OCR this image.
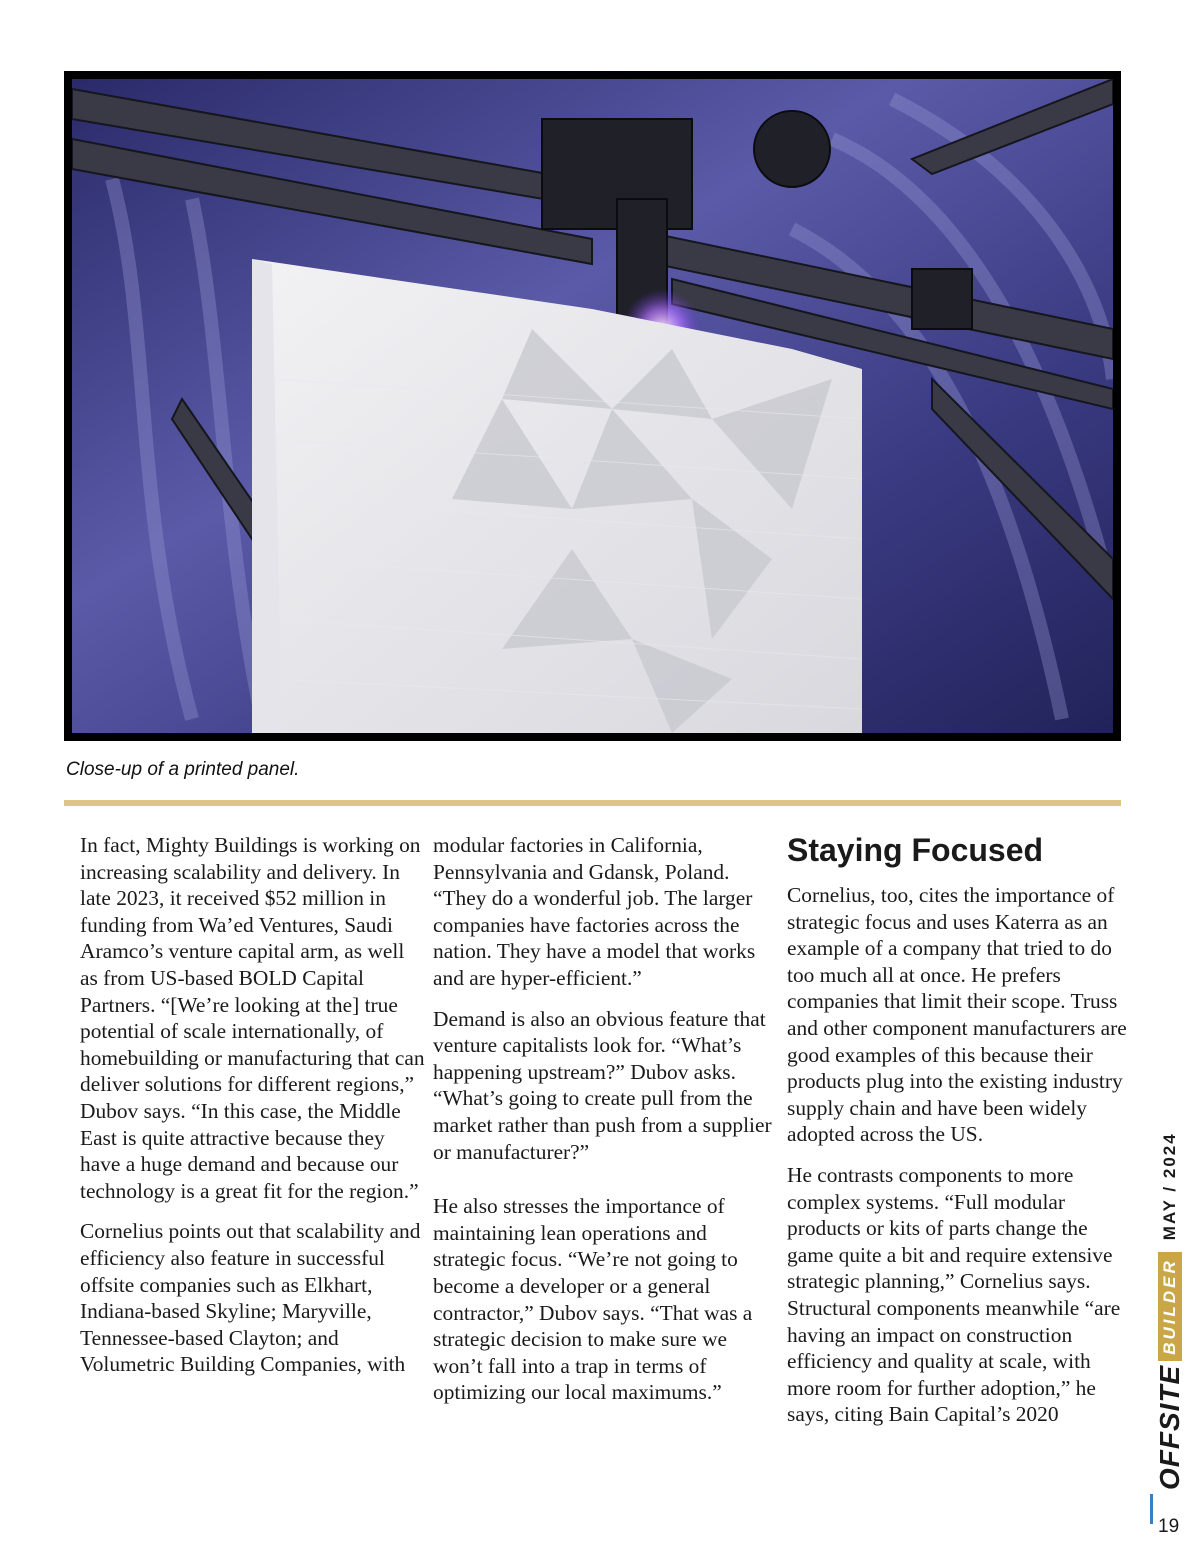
Close-up of a printed panel.

In fact, Mighty Buildings is working on increasing scalability and delivery. In late 2023, it received $52 million in funding from Wa’ed Ventures, Saudi Aramco’s venture capital arm, as well as from US-based BOLD Capital Partners. “[We’re looking at the] true potential of scale internationally, of homebuilding or manufacturing that can deliver solutions for different regions,” Dubov says. “In this case, the Middle East is quite attractive because they have a huge demand and because our technology is a great fit for the region.”

Cornelius points out that scalability and efficiency also feature in successful offsite companies such as Elkhart, Indiana-based Skyline; Maryville, Tennessee-based Clayton; and Volumetric Building Companies, with

modular factories in California, Pennsylvania and Gdansk, Poland. “They do a wonderful job. The larger companies have factories across the nation. They have a model that works and are hyper-efficient.”

Demand is also an obvious feature that venture capitalists look for. “What’s happening upstream?” Dubov asks. “What’s going to create pull from the market rather than push from a supplier or manufacturer?”

He also stresses the importance of maintaining lean operations and strategic focus. “We’re not going to become a developer or a general contractor,” Dubov says. “That was a strategic decision to make sure we won’t fall into a trap in terms of optimizing our local maximums.”

Staying Focused

Cornelius, too, cites the importance of strategic focus and uses Katerra as an example of a company that tried to do too much all at once. He prefers companies that limit their scope. Truss and other component manufacturers are good examples of this because their products plug into the existing industry supply chain and have been widely adopted across the US.

He contrasts components to more complex systems. “Full modular products or kits of parts change the game quite a bit and require extensive strategic planning,” Cornelius says. Structural components meanwhile “are having an impact on construction efficiency and quality at scale, with more room for further adoption,” he says, citing Bain Capital’s 2020	OFFSITE
BUILDER
MAY / 2024
19
